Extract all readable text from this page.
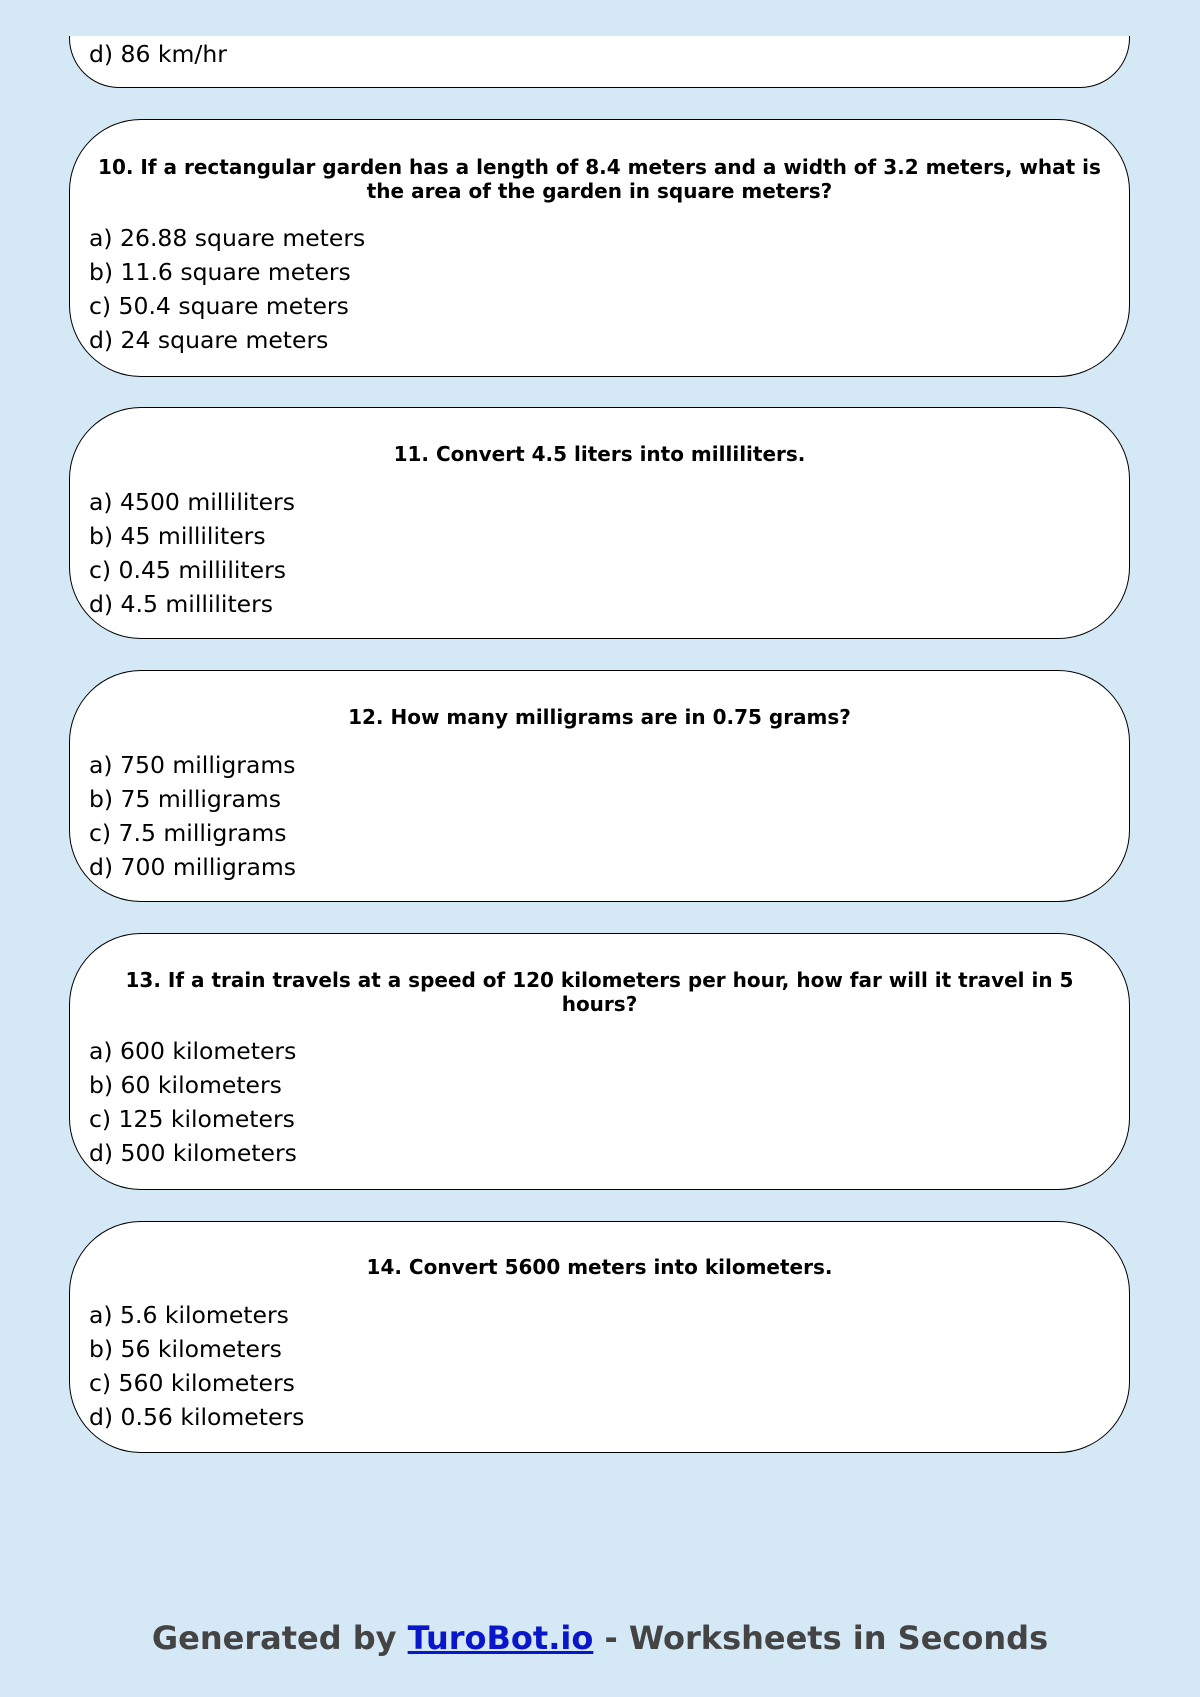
d) 86 km/hr

10. If a rectangular garden has a length of 8.4 meters and a width of 3.2 meters, what is the area of the garden in square meters?

a) 26.88 square meters
b) 11.6 square meters
c) 50.4 square meters
d) 24 square meters

11. Convert 4.5 liters into milliliters.

a) 4500 milliliters
b) 45 milliliters
c) 0.45 milliliters
d) 4.5 milliliters

12. How many milligrams are in 0.75 grams?

a) 750 milligrams
b) 75 milligrams
c) 7.5 milligrams
d) 700 milligrams

13. If a train travels at a speed of 120 kilometers per hour, how far will it travel in 5 hours?

a) 600 kilometers
b) 60 kilometers
c) 125 kilometers
d) 500 kilometers

14. Convert 5600 meters into kilometers.

a) 5.6 kilometers
b) 56 kilometers
c) 560 kilometers
d) 0.56 kilometers
Generated by TuroBot.io - Worksheets in Seconds
